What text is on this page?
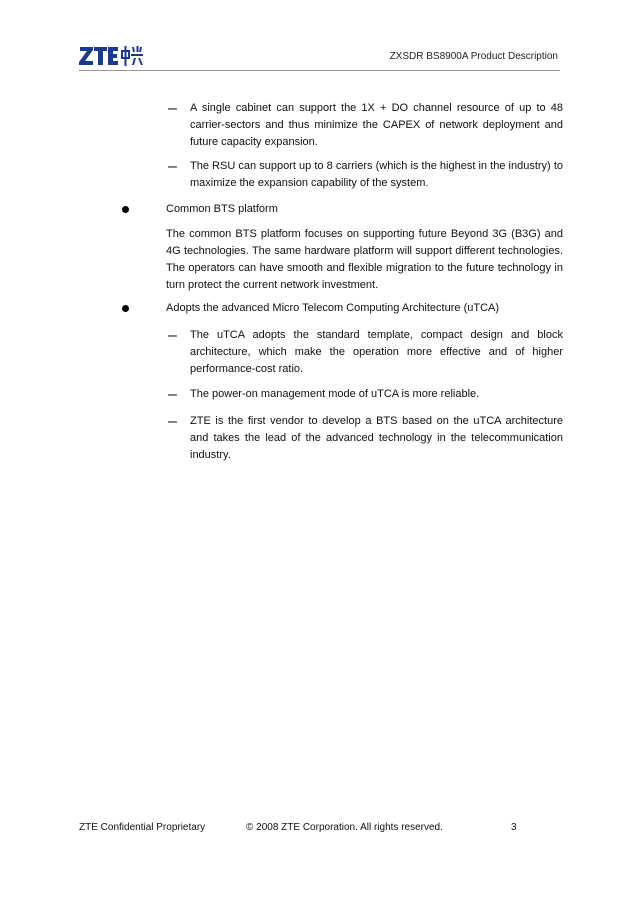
ZXSDR BS8900A Product Description
– A single cabinet can support the 1X + DO channel resource of up to 48 carrier-sectors and thus minimize the CAPEX of network deployment and future capacity expansion.
– The RSU can support up to 8 carriers (which is the highest in the industry) to maximize the expansion capability of the system.
Common BTS platform
The common BTS platform focuses on supporting future Beyond 3G (B3G) and 4G technologies. The same hardware platform will support different technologies. The operators can have smooth and flexible migration to the future technology in turn protect the current network investment.
Adopts the advanced Micro Telecom Computing Architecture (uTCA)
– The uTCA adopts the standard template, compact design and block architecture, which make the operation more effective and of higher performance-cost ratio.
– The power-on management mode of uTCA is more reliable.
– ZTE is the first vendor to develop a BTS based on the uTCA architecture and takes the lead of the advanced technology in the telecommunication industry.
ZTE Confidential Proprietary	© 2008 ZTE Corporation. All rights reserved.	3
